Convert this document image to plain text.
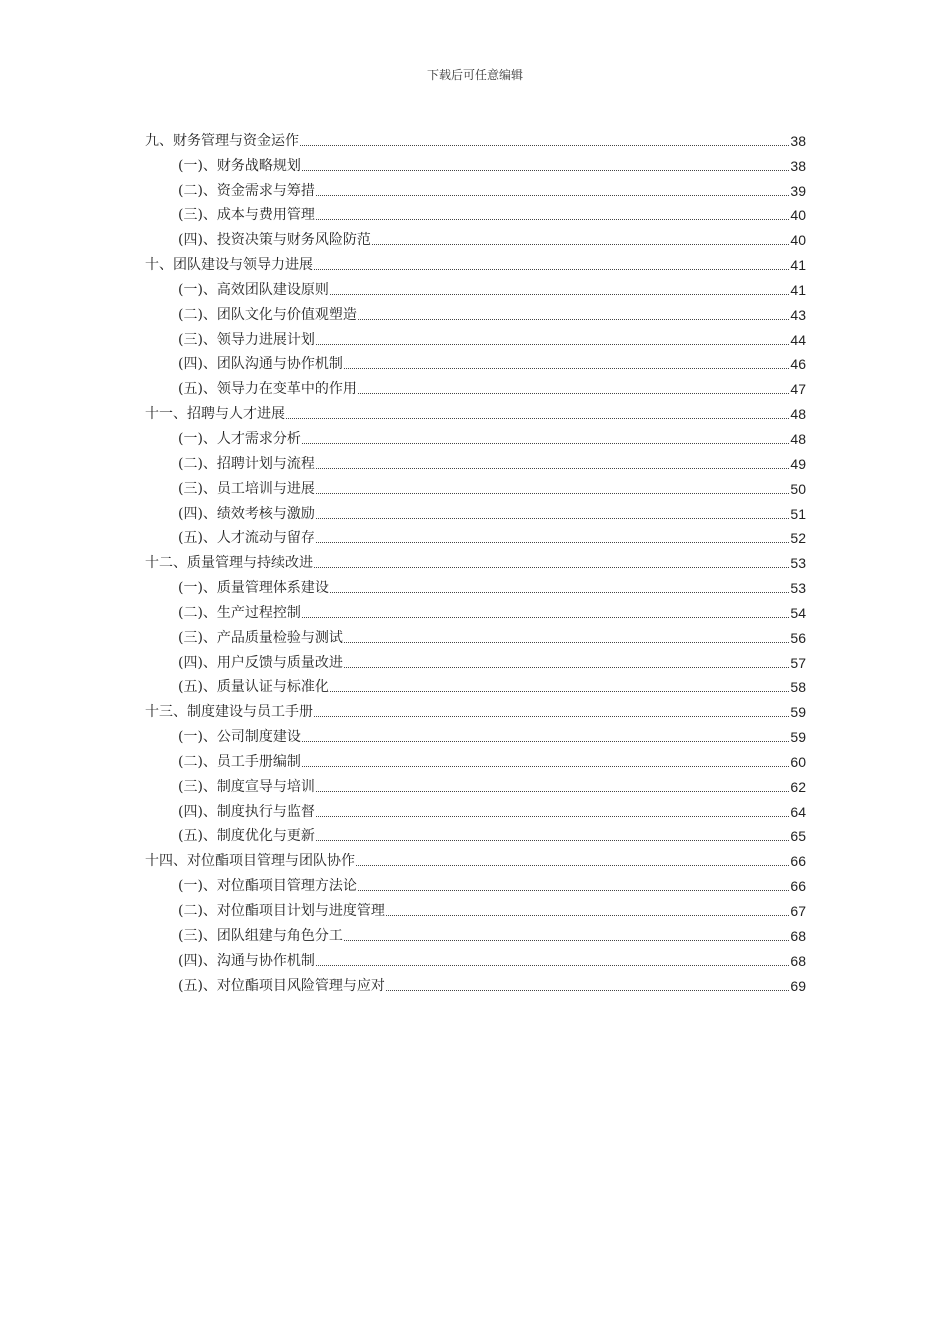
下载后可任意编辑
九、财务管理与资金运作	38
(一)、财务战略规划	38
(二)、资金需求与筹措	39
(三)、成本与费用管理	40
(四)、投资决策与财务风险防范	40
十、团队建设与领导力进展	41
(一)、高效团队建设原则	41
(二)、团队文化与价值观塑造	43
(三)、领导力进展计划	44
(四)、团队沟通与协作机制	46
(五)、领导力在变革中的作用	47
十一、招聘与人才进展	48
(一)、人才需求分析	48
(二)、招聘计划与流程	49
(三)、员工培训与进展	50
(四)、绩效考核与激励	51
(五)、人才流动与留存	52
十二、质量管理与持续改进	53
(一)、质量管理体系建设	53
(二)、生产过程控制	54
(三)、产品质量检验与测试	56
(四)、用户反馈与质量改进	57
(五)、质量认证与标准化	58
十三、制度建设与员工手册	59
(一)、公司制度建设	59
(二)、员工手册编制	60
(三)、制度宣导与培训	62
(四)、制度执行与监督	64
(五)、制度优化与更新	65
十四、对位酯项目管理与团队协作	66
(一)、对位酯项目管理方法论	66
(二)、对位酯项目计划与进度管理	67
(三)、团队组建与角色分工	68
(四)、沟通与协作机制	68
(五)、对位酯项目风险管理与应对	69
